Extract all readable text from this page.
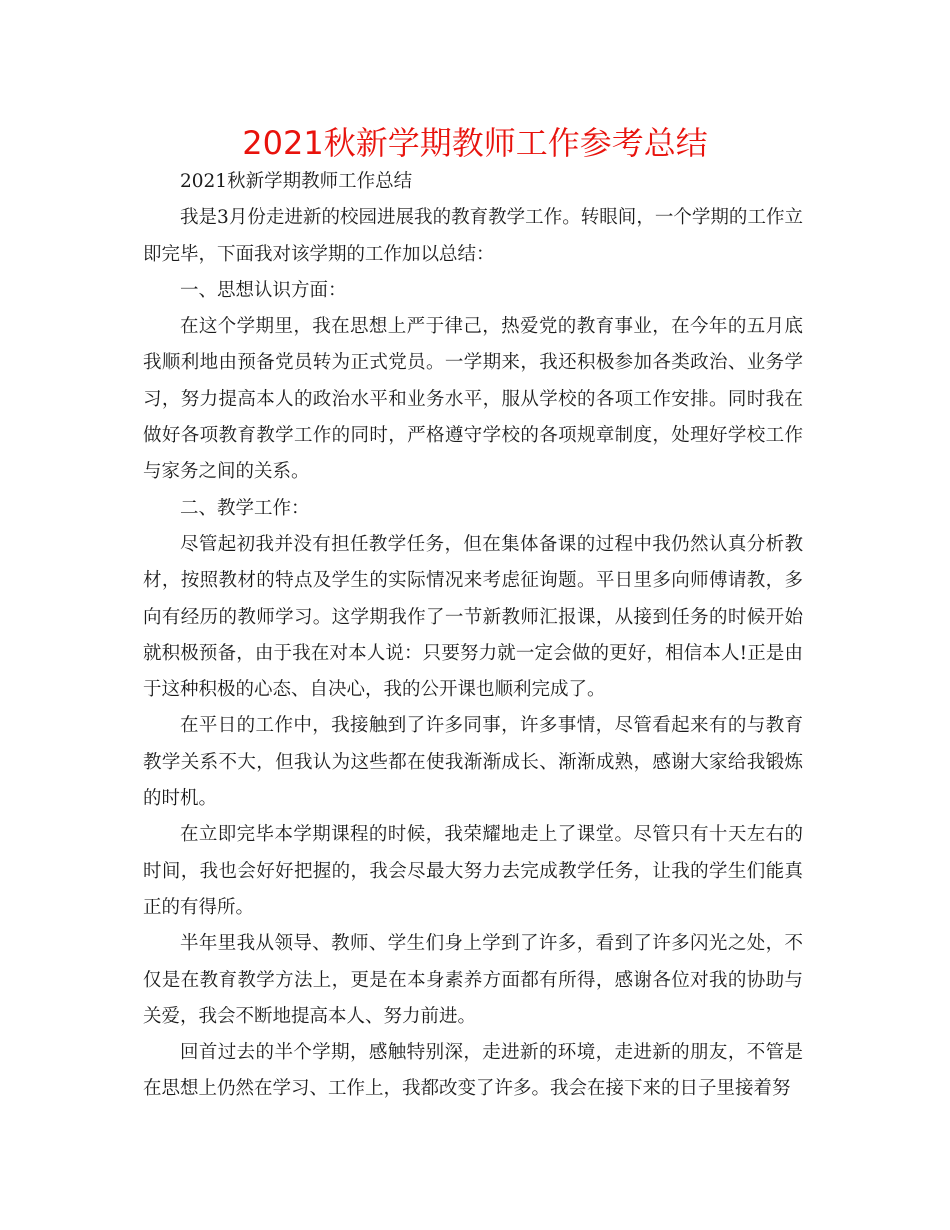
2021秋新学期教师工作参考总结

2021秋新学期教师工作总结

我是3月份走进新的校园进展我的教育教学工作。转眼间，一个学期的工作立即完毕，下面我对该学期的工作加以总结：

一、思想认识方面：

在这个学期里，我在思想上严于律己，热爱党的教育事业，在今年的五月底我顺利地由预备党员转为正式党员。一学期来，我还积极参加各类政治、业务学习，努力提高本人的政治水平和业务水平，服从学校的各项工作安排。同时我在做好各项教育教学工作的同时，严格遵守学校的各项规章制度，处理好学校工作与家务之间的关系。

二、教学工作：

尽管起初我并没有担任教学任务，但在集体备课的过程中我仍然认真分析教材，按照教材的特点及学生的实际情况来考虑征询题。平日里多向师傅请教，多向有经历的教师学习。这学期我作了一节新教师汇报课，从接到任务的时候开始就积极预备，由于我在对本人说：只要努力就一定会做的更好，相信本人!正是由于这种积极的心态、自决心，我的公开课也顺利完成了。

在平日的工作中，我接触到了许多同事，许多事情，尽管看起来有的与教育教学关系不大，但我认为这些都在使我渐渐成长、渐渐成熟，感谢大家给我锻炼的时机。

在立即完毕本学期课程的时候，我荣耀地走上了课堂。尽管只有十天左右的时间，我也会好好把握的，我会尽最大努力去完成教学任务，让我的学生们能真正的有得所。

半年里我从领导、教师、学生们身上学到了许多，看到了许多闪光之处，不仅是在教育教学方法上，更是在本身素养方面都有所得，感谢各位对我的协助与关爱，我会不断地提高本人、努力前进。

回首过去的半个学期，感触特别深，走进新的环境，走进新的朋友，不管是在思想上仍然在学习、工作上，我都改变了许多。我会在接下来的日子里接着努
